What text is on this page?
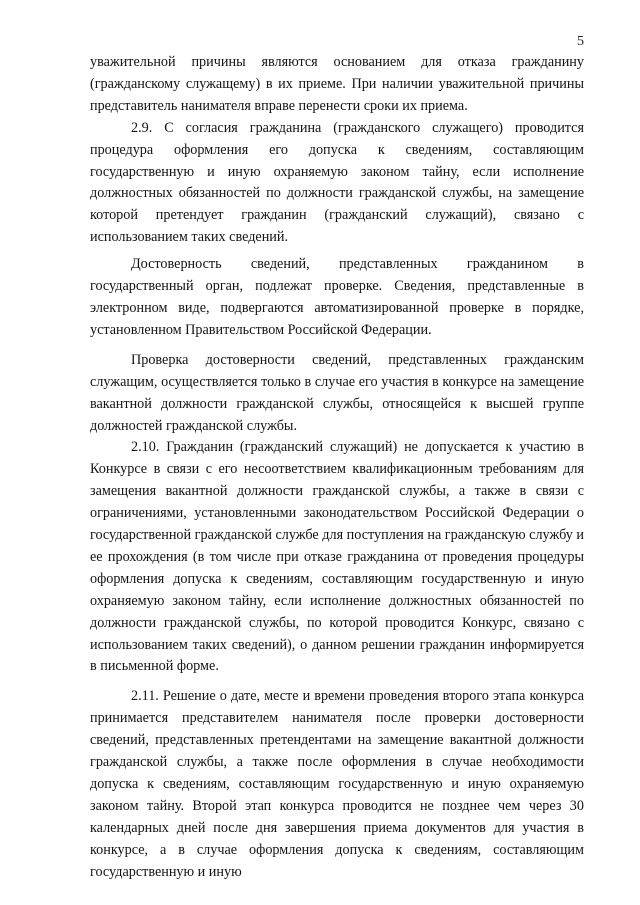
5

уважительной причины являются основанием для отказа гражданину (гражданскому служащему) в их приеме. При наличии уважительной причины представитель нанимателя вправе перенести сроки их приема.

2.9. С согласия гражданина (гражданского служащего) проводится процедура оформления его допуска к сведениям, составляющим государственную и иную охраняемую законом тайну, если исполнение должностных обязанностей по должности гражданской службы, на замещение которой претендует гражданин (гражданский служащий), связано с использованием таких сведений.

Достоверность сведений, представленных гражданином в государственный орган, подлежат проверке. Сведения, представленные в электронном виде, подвергаются автоматизированной проверке в порядке, установленном Правительством Российской Федерации.

Проверка достоверности сведений, представленных гражданским служащим, осуществляется только в случае его участия в конкурсе на замещение вакантной должности гражданской службы, относящейся к высшей группе должностей гражданской службы.

2.10. Гражданин (гражданский служащий) не допускается к участию в Конкурсе в связи с его несоответствием квалификационным требованиям для замещения вакантной должности гражданской службы, а также в связи с ограничениями, установленными законодательством Российской Федерации о государственной гражданской службе для поступления на гражданскую службу и ее прохождения (в том числе при отказе гражданина от проведения процедуры оформления допуска к сведениям, составляющим государственную и иную охраняемую законом тайну, если исполнение должностных обязанностей по должности гражданской службы, по которой проводится Конкурс, связано с использованием таких сведений), о данном решении гражданин информируется в письменной форме.

2.11. Решение о дате, месте и времени проведения второго этапа конкурса принимается представителем нанимателя после проверки достоверности сведений, представленных претендентами на замещение вакантной должности гражданской службы, а также после оформления в случае необходимости допуска к сведениям, составляющим государственную и иную охраняемую законом тайну. Второй этап конкурса проводится не позднее чем через 30 календарных дней после дня завершения приема документов для участия в конкурсе, а в случае оформления допуска к сведениям, составляющим государственную и иную
